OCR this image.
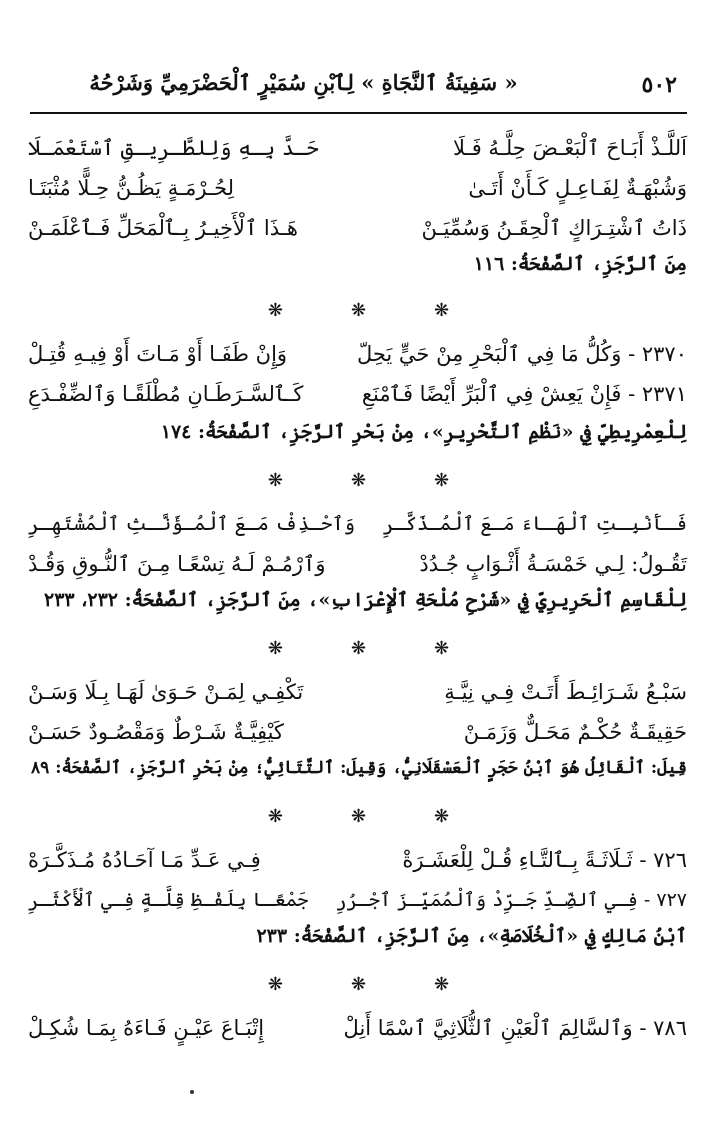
٥٠٢
« سَفِينَةُ ٱلنَّجَاةِ » لِٱبْنِ سُمَيْرٍ ٱلْحَضْرَمِيِّ وَشَرْحُهُ
اَللَّـذْ أَبَـاحَ ٱلْبَعْـضَ حِلَّـهُ فَـلَا
حَـدَّ بِـهِ وَلِلطَّـرِيـقِ ٱسْتَعْمَـلَا
وَشُبْهَـةٌ لِفَـاعِـلٍ كَـأَنْ أَتَـىٰ
لِحُـرْمَـةٍ يَظُـنُّ حِـلًّا مُثْبَتَـا
ذَاتُ ٱشْتِـرَاكٍ ٱلْحِقَـنُ وَسُمِّيَـنْ
هَـذَا ٱلْأَخِيـرُ بِـٱلْمَحَلِّ فَـٱعْلَمَـنْ
مِنَ ٱلرَّجَزِ، ٱلصَّفْحَةُ: ١١٦
❋	❋	❋
٢٣٧٠ - وَكُلُّ مَا فِي ٱلْبَحْرِ مِنْ حَيٍّ يَحِلّ
وَإِنْ طَفَـا أَوْ مَـاتَ أَوْ فِيـهِ قُتِـلْ
٢٣٧١ - فَإِنْ يَعِشْ فِي ٱلْبَرِّ أَيْضًا فَٱمْنَعِ
كَـٱلسَّـرَطَـانِ مُطْلَقًـا وَٱلضِّفْـدَعِ
لِلْعِمْرِيطِيِّ فِي «نَظْمِ ٱلتَّحْرِيرِ»، مِنْ بَحْرِ ٱلرَّجَزِ، ٱلصَّفْحَةُ: ١٧٤
❋	❋	❋
فَـأَنْبِـتِ ٱلْهَـاءَ مَـعَ ٱلْمُـذَكَّـرِ
وَٱحْـذِفْ مَـعَ ٱلْمُـؤَنَّـثِ ٱلْمُشْتَهِـرِ
تَقُـولُ: لِـي خَمْسَـةُ أَثْـوَابٍ جُـدُدْ
وَٱرْمُـمْ لَـهُ تِسْعًـا مِـنَ ٱلنُّـوقِ وَقُـدْ
لِلْقَاسِمِ ٱلْحَرِيرِيِّ فِي «شَرْحِ مُلْحَةِ ٱلْإِعْرَابِ»، مِنَ ٱلرَّجَزِ، ٱلصَّفْحَةُ: ٢٣٢، ٢٣٣
❋	❋	❋
سَبْـعُ شَـرَائِـطَ أَتَـتْ فِـي نِيَّـةِ
تَكْفِـي لِمَـنْ حَـوَىٰ لَهَـا بِـلَا وَسَـنْ
حَقِيقَـةٌ حُكْـمٌ مَحَـلٌّ وَزَمَـنْ
كَيْفِيَّـةٌ شَـرْطٌ وَمَقْصُـودٌ حَسَـنْ
قِيلَ: ٱلْقَائِلُ هُوَ ٱبْنُ حَجَرٍ ٱلْعَسْقَلَانِيُّ، وَقِيلَ: ٱلتَّتَائِيُّ؛ مِنْ بَحْرِ ٱلرَّجَزِ، ٱلصَّفْحَةُ: ٨٩
❋	❋	❋
٧٢٦ - ثَـلَاثَـةً بِـٱلتَّـاءِ قُـلْ لِلْعَشَـرَةْ
فِـي عَـدِّ مَـا آحَـادُهُ مُـذَكَّـرَهْ
٧٢٧ - فِـي ٱلضِّـدِّ جَـرِّدْ وَٱلْمُمَيِّـزَ ٱجْـرُرِ
جَمْعًـا بِلَفْـظِ قِلَّـةٍ فِـي ٱلْأَكْثَـرِ
ٱبْنُ مَالِكٍ فِي «ٱلْخُلَاصَةِ»، مِنَ ٱلرَّجَزِ، ٱلصَّفْحَةُ: ٢٣٣
❋	❋	❋
٧٨٦ - وَٱلسَّالِمَ ٱلْعَيْنِ ٱلثُّلَاثِيَّ ٱسْمًا أَنِلْ
إِتْبَـاعَ عَيْـنٍ فَـاءَهُ بِمَـا شُكِـلْ
